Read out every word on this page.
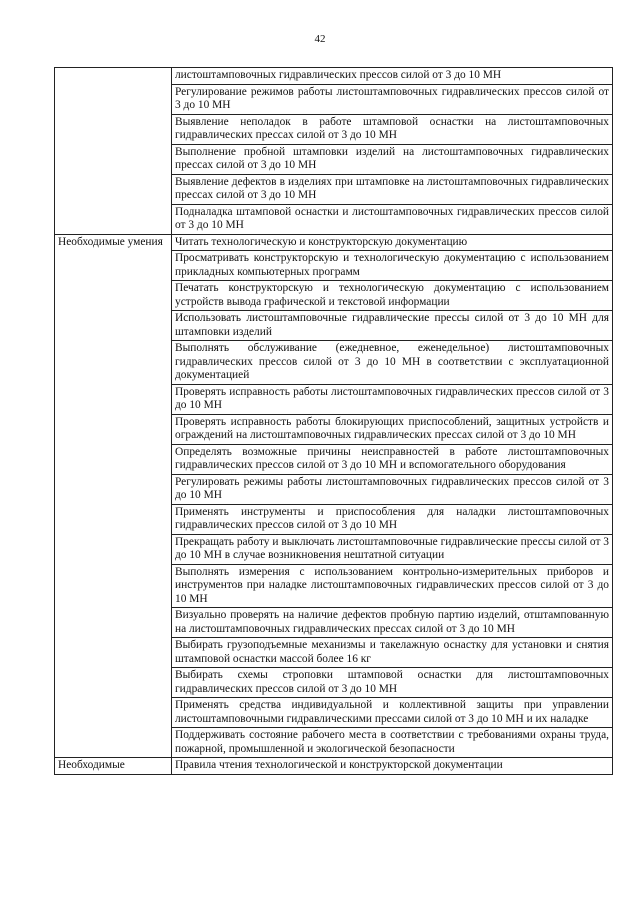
42
	листоштамповочных гидравлических прессов силой от 3 до 10 МН
	Регулирование режимов работы листоштамповочных гидравлических прессов силой от 3 до 10 МН
	Выявление неполадок в работе штамповой оснастки на листоштамповочных гидравлических прессах силой от 3 до 10 МН
	Выполнение пробной штамповки изделий на листоштамповочных гидравлических прессах силой от 3 до 10 МН
	Выявление дефектов в изделиях при штамповке на листоштамповочных гидравлических прессах силой от 3 до 10 МН
	Подналадка штамповой оснастки и листоштамповочных гидравлических прессов силой от 3 до 10 МН
Необходимые умения	Читать технологическую и конструкторскую документацию
	Просматривать конструкторскую и технологическую документацию с использованием прикладных компьютерных программ
	Печатать конструкторскую и технологическую документацию с использованием устройств вывода графической и текстовой информации
	Использовать листоштамповочные гидравлические прессы силой от 3 до 10 МН для штамповки изделий
	Выполнять обслуживание (ежедневное, еженедельное) листоштамповочных гидравлических прессов силой от 3 до 10 МН в соответствии с эксплуатационной документацией
	Проверять исправность работы листоштамповочных гидравлических прессов силой от 3 до 10 МН
	Проверять исправность работы блокирующих приспособлений, защитных устройств и ограждений на листоштамповочных гидравлических прессах силой от 3 до 10 МН
	Определять возможные причины неисправностей в работе листоштамповочных гидравлических прессов силой от 3 до 10 МН и вспомогательного оборудования
	Регулировать режимы работы листоштамповочных гидравлических прессов силой от 3 до 10 МН
	Применять инструменты и приспособления для наладки листоштамповочных гидравлических прессов силой от 3 до 10 МН
	Прекращать работу и выключать листоштамповочные гидравлические прессы силой от 3 до 10 МН в случае возникновения нештатной ситуации
	Выполнять измерения с использованием контрольно-измерительных приборов и инструментов при наладке листоштамповочных гидравлических прессов силой от 3 до 10 МН
	Визуально проверять на наличие дефектов пробную партию изделий, отштампованную на листоштамповочных гидравлических прессах силой от 3 до 10 МН
	Выбирать грузоподъемные механизмы и такелажную оснастку для установки и снятия штамповой оснастки массой более 16 кг
	Выбирать схемы строповки штамповой оснастки для листоштамповочных гидравлических прессов силой от 3 до 10 МН
	Применять средства индивидуальной и коллективной защиты при управлении листоштамповочными гидравлическими прессами силой от 3 до 10 МН и их наладке
	Поддерживать состояние рабочего места в соответствии с требованиями охраны труда, пожарной, промышленной и экологической безопасности
Необходимые	Правила чтения технологической и конструкторской документации
